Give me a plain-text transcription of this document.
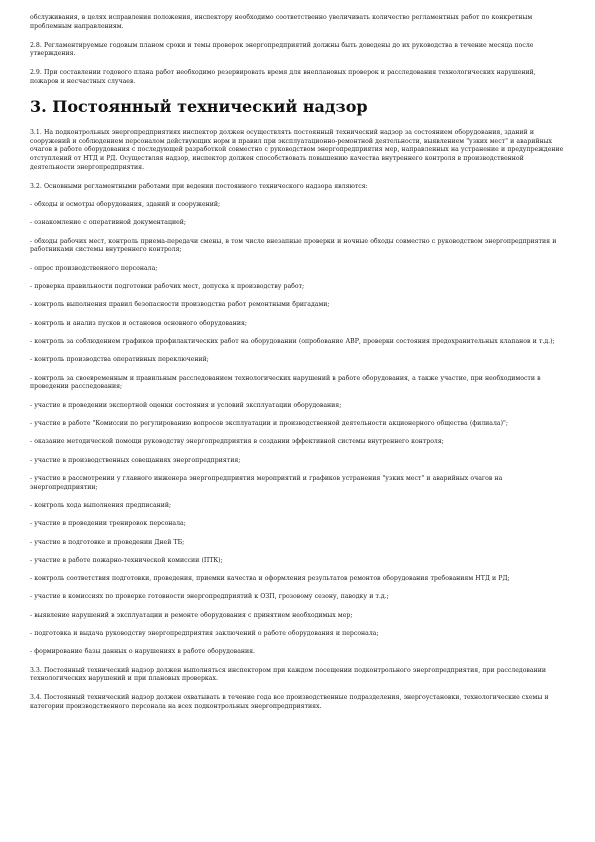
обслуживания, в целях исправления положения, инспектору необходимо соответственно увеличивать количество регламентных работ по конкретным проблемным направлениям.

2.8. Регламентируемые годовым планом сроки и темы проверок энергопредприятий должны быть доведены до их руководства в течение месяца после утверждения.

2.9. При составлении годового плана работ необходимо резервировать время для внеплановых проверок и расследования технологических нарушений, пожаров и несчастных случаев.

3. Постоянный технический надзор

3.1. На подконтрольных энергопредприятиях инспектор должен осуществлять постоянный технический надзор за состоянием оборудования, зданий и сооружений и соблюдением персоналом действующих норм и правил при эксплуатационно-ремонтной деятельности, выявлением "узких мест" и аварийных очагов в работе оборудования с последующей разработкой совместно с руководством энергопредприятия мер, направленных на устранение и предупреждение отступлений от НТД и РД. Осуществляя надзор, инспектор должен способствовать повышению качества внутреннего контроля в производственной деятельности энергопредприятия.

3.2. Основными регламентными работами при ведении постоянного технического надзора являются:

- обходы и осмотры оборудования, зданий и сооружений;

- ознакомление с оперативной документацией;

- обходы рабочих мест, контроль приема-передачи смены, в том числе внезапные проверки и ночные обходы совместно с руководством энергопредприятия и работниками системы внутреннего контроля;

- опрос производственного персонала;

- проверка правильности подготовки рабочих мест, допуска к производству работ;

- контроль выполнения правил безопасности производства работ ремонтными бригадами;

- контроль и анализ пусков и остановов основного оборудования;

- контроль за соблюдением графиков профилактических работ на оборудовании (опробование АВР, проверки состояния предохранительных клапанов и т.д.);

- контроль производства оперативных переключений;

- контроль за своевременным и правильным расследованием технологических нарушений в работе оборудования, а также участие, при необходимости в проведении расследования;

- участие в проведении экспертной оценки состояния и условий эксплуатации оборудования;

- участие в работе "Комиссии по регулированию вопросов эксплуатации и производственной деятельности акционерного общества (филиала)";

- оказание методической помощи руководству энергопредприятия в создании эффективной системы внутреннего контроля;

- участие в производственных совещаниях энергопредприятия;

- участие в рассмотрении у главного инженера энергопредприятия мероприятий и графиков устранения "узких мест" и аварийных очагов на энергопредприятии;

- контроль хода выполнения предписаний;

- участие в проведении тренировок персонала;

- участие в подготовке и проведении Дней ТБ;

- участие в работе пожарно-технической комиссии (ПТК);

- контроль соответствия подготовки, проведения, приемки качества и оформления результатов ремонтов оборудования требованиям НТД и РД;

- участие в комиссиях по проверке готовности энергопредприятий к ОЗП, грозовому сезону, паводку и т.д.;

- выявление нарушений в эксплуатации и ремонте оборудования с принятием необходимых мер;

- подготовка и выдача руководству энергопредприятия заключений о работе оборудования и персонала;

- формирование базы данных о нарушениях в работе оборудования.

3.3. Постоянный технический надзор должен выполняться инспектором при каждом посещении подконтрольного энергопредприятия, при расследовании технологических нарушений и при плановых проверках.

3.4. Постоянный технический надзор должен охватывать в течение года все производственные подразделения, энергоустановки, технологические схемы и категории производственного персонала на всех подконтрольных энергопредприятиях.
